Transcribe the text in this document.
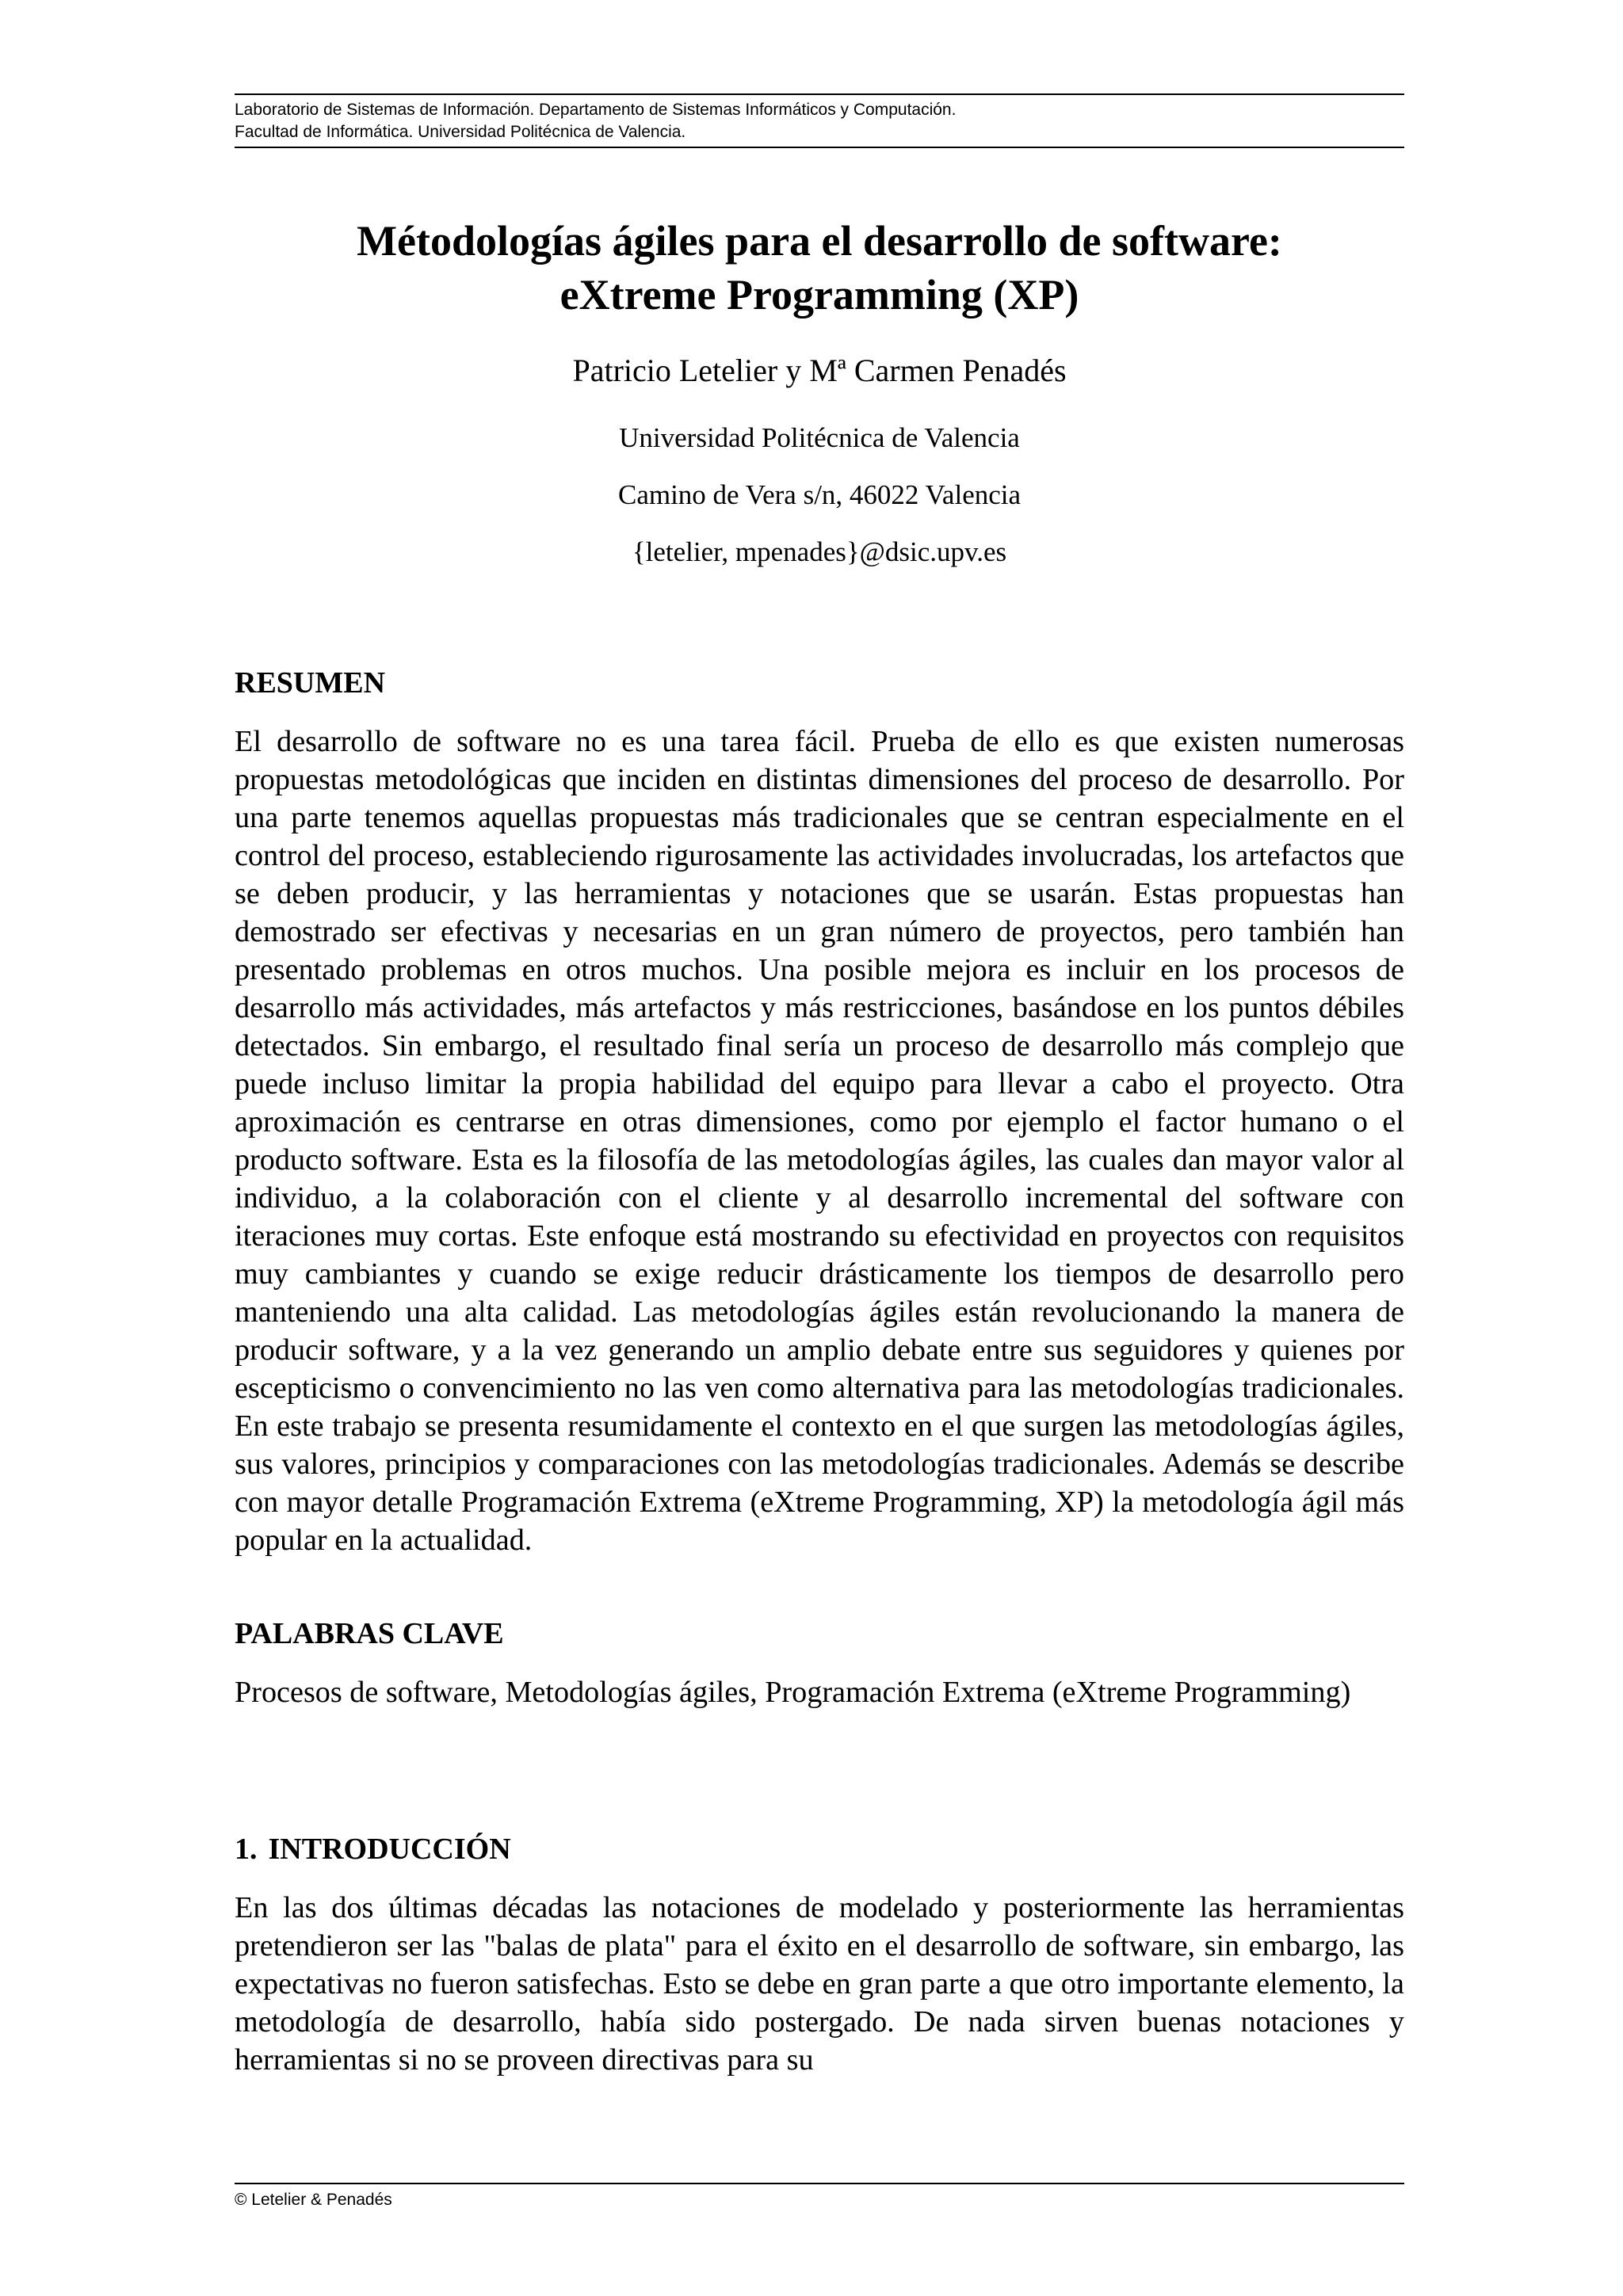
Laboratorio de Sistemas de Información. Departamento de Sistemas Informáticos y Computación.
Facultad de Informática. Universidad Politécnica de Valencia.
Métodologías ágiles para el desarrollo de software:
eXtreme Programming (XP)
Patricio Letelier y Mª Carmen Penadés
Universidad Politécnica de Valencia
Camino de Vera s/n, 46022 Valencia
{letelier, mpenades}@dsic.upv.es
RESUMEN
El desarrollo de software no es una tarea fácil. Prueba de ello es que existen numerosas propuestas metodológicas que inciden en distintas dimensiones del proceso de desarrollo. Por una parte tenemos aquellas propuestas más tradicionales que se centran especialmente en el control del proceso, estableciendo rigurosamente las actividades involucradas, los artefactos que se deben producir, y las herramientas y notaciones que se usarán. Estas propuestas han demostrado ser efectivas y necesarias en un gran número de proyectos, pero también han presentado problemas en otros muchos. Una posible mejora es incluir en los procesos de desarrollo más actividades, más artefactos y más restricciones, basándose en los puntos débiles detectados. Sin embargo, el resultado final sería un proceso de desarrollo más complejo que puede incluso limitar la propia habilidad del equipo para llevar a cabo el proyecto. Otra aproximación es centrarse en otras dimensiones, como por ejemplo el factor humano o el producto software. Esta es la filosofía de las metodologías ágiles, las cuales dan mayor valor al individuo, a la colaboración con el cliente y al desarrollo incremental del software con iteraciones muy cortas. Este enfoque está mostrando su efectividad en proyectos con requisitos muy cambiantes y cuando se exige reducir drásticamente los tiempos de desarrollo pero manteniendo una alta calidad. Las metodologías ágiles están revolucionando la manera de producir software, y a la vez generando un amplio debate entre sus seguidores y quienes por escepticismo o convencimiento no las ven como alternativa para las metodologías tradicionales. En este trabajo se presenta resumidamente el contexto en el que surgen las metodologías ágiles, sus valores, principios y comparaciones con las metodologías tradicionales. Además se describe con mayor detalle Programación Extrema (eXtreme Programming, XP) la metodología ágil más popular en la actualidad.
PALABRAS CLAVE
Procesos de software, Metodologías ágiles, Programación Extrema (eXtreme Programming)
1. INTRODUCCIÓN
En las dos últimas décadas las notaciones de modelado y posteriormente las herramientas pretendieron ser las "balas de plata" para el éxito en el desarrollo de software, sin embargo, las expectativas no fueron satisfechas. Esto se debe en gran parte a que otro importante elemento, la metodología de desarrollo, había sido postergado. De nada sirven buenas notaciones y herramientas si no se proveen directivas para su
© Letelier & Penadés
